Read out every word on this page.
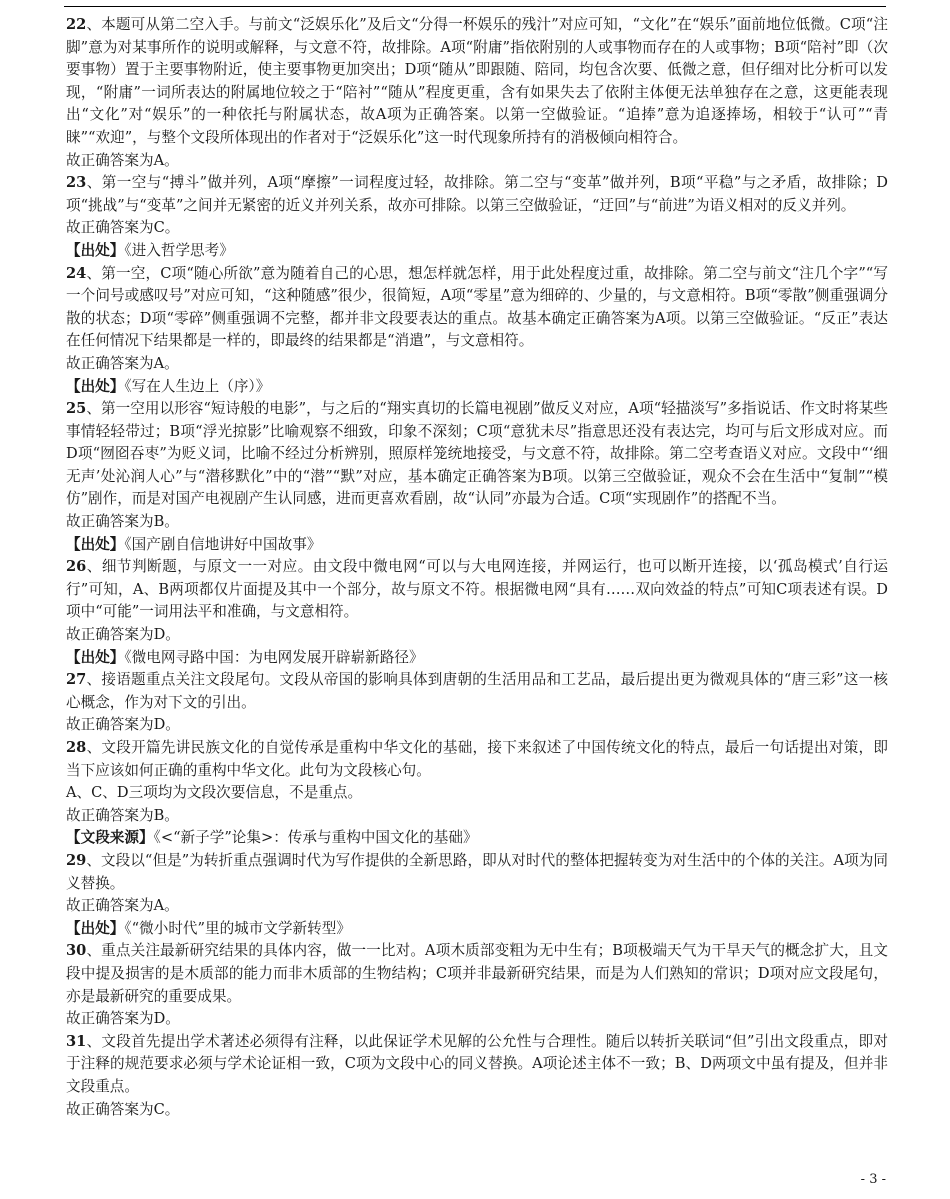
22、本题可从第二空入手。与前文“泛娱乐化”及后文“分得一杯娱乐的残汁”对应可知，“文化”在“娱乐”面前地位低微。C项“注脚”意为对某事所作的说明或解释，与文意不符，故排除。A项“附庸”指依附别的人或事物而存在的人或事物；B项“陪衬”即（次要事物）置于主要事物附近，使主要事物更加突出；D项“随从”即跟随、陪同，均包含次要、低微之意，但仔细对比分析可以发现，“附庸”一词所表达的附属地位较之于“陪衬”“随从”程度更重，含有如果失去了依附主体便无法单独存在之意，这更能表现出“文化”对“娱乐”的一种依托与附属状态，故A项为正确答案。以第一空做验证。“追捧”意为追逐捧场，相较于“认可”“青睐”“欢迎”，与整个文段所体现出的作者对于“泛娱乐化”这一时代现象所持有的消极倾向相符合。

故正确答案为A。

23、第一空与“搏斗”做并列，A项“摩擦”一词程度过轻，故排除。第二空与“变革”做并列，B项“平稳”与之矛盾，故排除；D项“挑战”与“变革”之间并无紧密的近义并列关系，故亦可排除。以第三空做验证，“迂回”与“前进”为语义相对的反义并列。

故正确答案为C。

【出处】《进入哲学思考》

24、第一空，C项“随心所欲”意为随着自己的心思，想怎样就怎样，用于此处程度过重，故排除。第二空与前文“注几个字”“写一个问号或感叹号”对应可知，“这种随感”很少，很简短，A项“零星”意为细碎的、少量的，与文意相符。B项“零散”侧重强调分散的状态；D项“零碎”侧重强调不完整，都并非文段要表达的重点。故基本确定正确答案为A项。以第三空做验证。“反正”表达在任何情况下结果都是一样的，即最终的结果都是“消遣”，与文意相符。

故正确答案为A。

【出处】《写在人生边上（序）》

25、第一空用以形容“短诗般的电影”，与之后的“翔实真切的长篇电视剧”做反义对应，A项“轻描淡写”多指说话、作文时将某些事情轻轻带过；B项“浮光掠影”比喻观察不细致，印象不深刻；C项“意犹未尽”指意思还没有表达完，均可与后文形成对应。而D项“囫囵吞枣”为贬义词，比喻不经过分析辨别，照原样笼统地接受，与文意不符，故排除。第二空考查语义对应。文段中“‘细无声’处沁润人心”与“潜移默化”中的“潜”“默”对应，基本确定正确答案为B项。以第三空做验证，观众不会在生活中“复制”“模仿”剧作，而是对国产电视剧产生认同感，进而更喜欢看剧，故“认同”亦最为合适。C项“实现剧作”的搭配不当。

故正确答案为B。

【出处】《国产剧自信地讲好中国故事》

26、细节判断题，与原文一一对应。由文段中微电网“可以与大电网连接，并网运行，也可以断开连接，以‘孤岛模式’自行运行”可知，A、B两项都仅片面提及其中一个部分，故与原文不符。根据微电网“具有……双向效益的特点”可知C项表述有误。D项中“可能”一词用法平和准确，与文意相符。

故正确答案为D。

【出处】《微电网寻路中国：为电网发展开辟崭新路径》

27、接语题重点关注文段尾句。文段从帝国的影响具体到唐朝的生活用品和工艺品，最后提出更为微观具体的“唐三彩”这一核心概念，作为对下文的引出。

故正确答案为D。

28、文段开篇先讲民族文化的自觉传承是重构中华文化的基础，接下来叙述了中国传统文化的特点，最后一句话提出对策，即当下应该如何正确的重构中华文化。此句为文段核心句。

A、C、D三项均为文段次要信息，不是重点。

故正确答案为B。

【文段来源】《<“新子学”论集>：传承与重构中国文化的基础》

29、文段以“但是”为转折重点强调时代为写作提供的全新思路，即从对时代的整体把握转变为对生活中的个体的关注。A项为同义替换。

故正确答案为A。

【出处】《“微小时代”里的城市文学新转型》

30、重点关注最新研究结果的具体内容，做一一比对。A项木质部变粗为无中生有；B项极端天气为干旱天气的概念扩大，且文段中提及损害的是木质部的能力而非木质部的生物结构；C项并非最新研究结果，而是为人们熟知的常识；D项对应文段尾句，亦是最新研究的重要成果。

故正确答案为D。

31、文段首先提出学术著述必须得有注释，以此保证学术见解的公允性与合理性。随后以转折关联词“但”引出文段重点，即对于注释的规范要求必须与学术论证相一致，C项为文段中心的同义替换。A项论述主体不一致；B、D两项文中虽有提及，但并非文段重点。

故正确答案为C。

- 3 -
